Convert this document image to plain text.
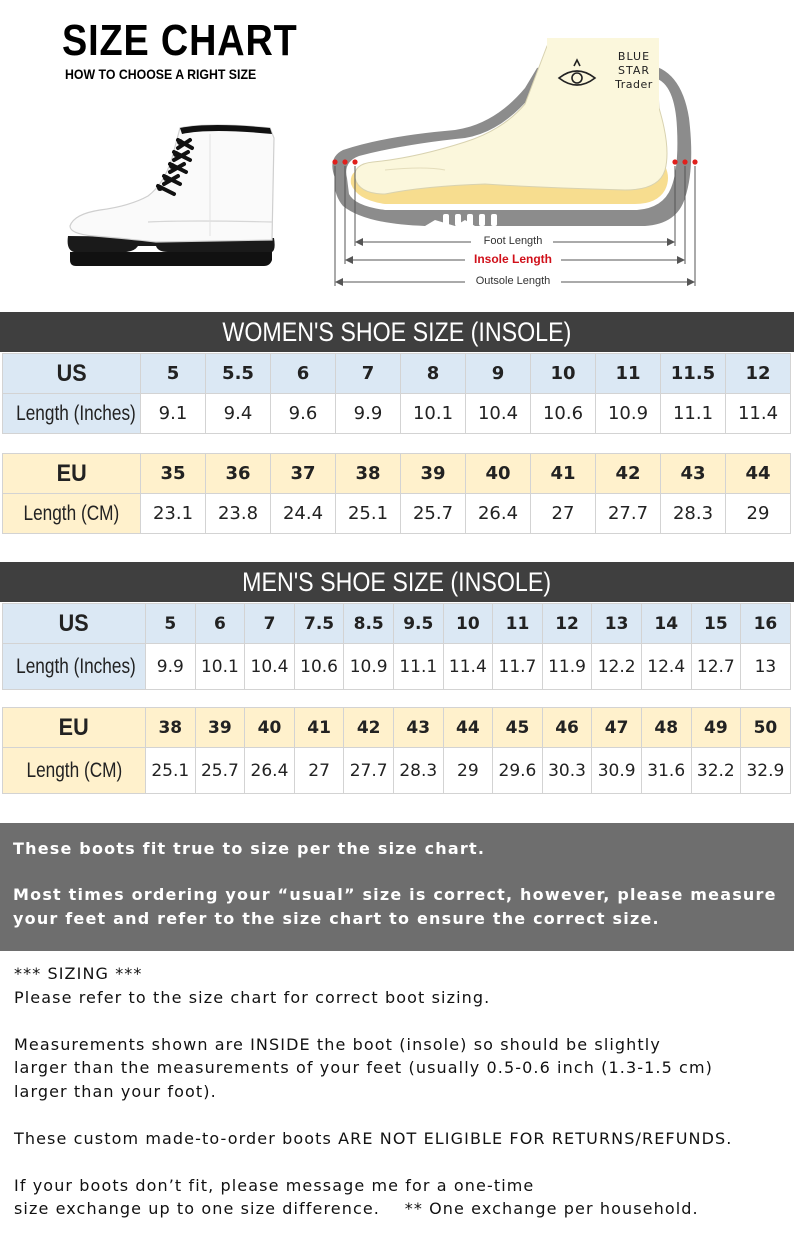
SIZE CHART
HOW TO CHOOSE A RIGHT SIZE
BLUE
STAR
Trader
Foot Length
Insole Length
Outsole Length
WOMEN'S SHOE SIZE (INSOLE)
US	5	5.5	6	7	8	9	10	11	11.5	12
Length (Inches)	9.1	9.4	9.6	9.9	10.1	10.4	10.6	10.9	11.1	11.4
EU	35	36	37	38	39	40	41	42	43	44
Length (CM)	23.1	23.8	24.4	25.1	25.7	26.4	27	27.7	28.3	29
MEN'S SHOE SIZE (INSOLE)
US	5	6	7	7.5	8.5	9.5	10	11	12	13	14	15	16
Length (Inches)	9.9	10.1	10.4	10.6	10.9	11.1	11.4	11.7	11.9	12.2	12.4	12.7	13
EU	38	39	40	41	42	43	44	45	46	47	48	49	50
Length (CM)	25.1	25.7	26.4	27	27.7	28.3	29	29.6	30.3	30.9	31.6	32.2	32.9

These boots fit true to size per the size chart.

Most times ordering your “usual” size is correct, however, please measure

your feet and refer to the size chart to ensure the correct size.

*** SIZING ***

Please refer to the size chart for correct boot sizing.

Measurements shown are INSIDE the boot (insole) so should be slightly

larger than the measurements of your feet (usually 0.5-0.6 inch (1.3-1.5 cm)

larger than your foot).

These custom made-to-order boots ARE NOT ELIGIBLE FOR RETURNS/REFUNDS.

If your boots don’t fit, please message me for a one-time

size exchange up to one size difference.    ** One exchange per household.
